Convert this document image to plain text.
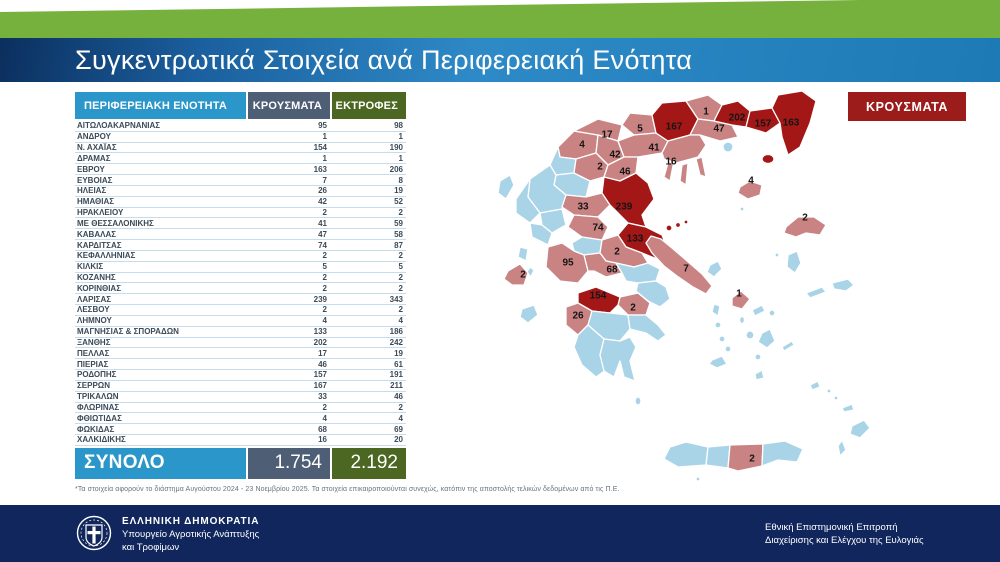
Συγκεντρωτικά Στοιχεία ανά Περιφερειακή Ενότητα
ΠΕΡΙΦΕΡΕΙΑΚΗ ΕΝΟΤΗΤΑ	ΚΡΟΥΣΜΑΤΑ	ΕΚΤΡΟΦΕΣ
ΑΙΤΩΛΟΑΚΑΡΝΑΝΙΑΣ	95	98
ΑΝΔΡΟΥ	1	1
Ν. ΑΧΑΪΑΣ	154	190
ΔΡΑΜΑΣ	1	1
ΕΒΡΟΥ	163	206
ΕΥΒΟΙΑΣ	7	8
ΗΛΕΙΑΣ	26	19
ΗΜΑΘΙΑΣ	42	52
ΗΡΑΚΛΕΙΟΥ	2	2
ΜΕ ΘΕΣΣΑΛΟΝΙΚΗΣ	41	59
ΚΑΒΑΛΑΣ	47	58
ΚΑΡΔΙΤΣΑΣ	74	87
ΚΕΦΑΛΛΗΝΙΑΣ	2	2
ΚΙΛΚΙΣ	5	5
ΚΟΖΑΝΗΣ	2	2
ΚΟΡΙΝΘΙΑΣ	2	2
ΛΑΡΙΣΑΣ	239	343
ΛΕΣΒΟΥ	2	2
ΛΗΜΝΟΥ	4	4
ΜΑΓΝΗΣΙΑΣ & ΣΠΟΡΑΔΩΝ	133	186
ΞΑΝΘΗΣ	202	242
ΠΕΛΛΑΣ	17	19
ΠΙΕΡΙΑΣ	46	61
ΡΟΔΟΠΗΣ	157	191
ΣΕΡΡΩΝ	167	211
ΤΡΙΚΑΛΩΝ	33	46
ΦΛΩΡΙΝΑΣ	2	2
ΦΘΙΩΤΙΔΑΣ	4	4
ΦΩΚΙΔΑΣ	68	69
ΧΑΛΚΙΔΙΚΗΣ	16	20
ΣΥΝΟΛΟ	1.754	2.192
*Τα στοιχεία αφορούν το διάστημα Αυγούστου 2024 - 23 Νοεμβρίου 2025. Τα στοιχεία επικαιροποιούνται συνεχώς, κατόπιν της αποστολής τελικών δεδομένων από τις Π.Ε.
4
17
5 167
1
47
202
157 163
42
41
16
2 46
33	239
74
133
2
95
68	7
2
154
26
2
4
2
1
2
ΚΡΟΥΣΜΑΤΑ
ΕΛΛΗΝΙΚΗ ΔΗΜΟΚΡΑΤΙΑ
Υπουργείο Αγροτικής Ανάπτυξης
και Τροφίμων
Εθνική Επιστημονική Επιτροπή
Διαχείρισης και Ελέγχου της Ευλογιάς
